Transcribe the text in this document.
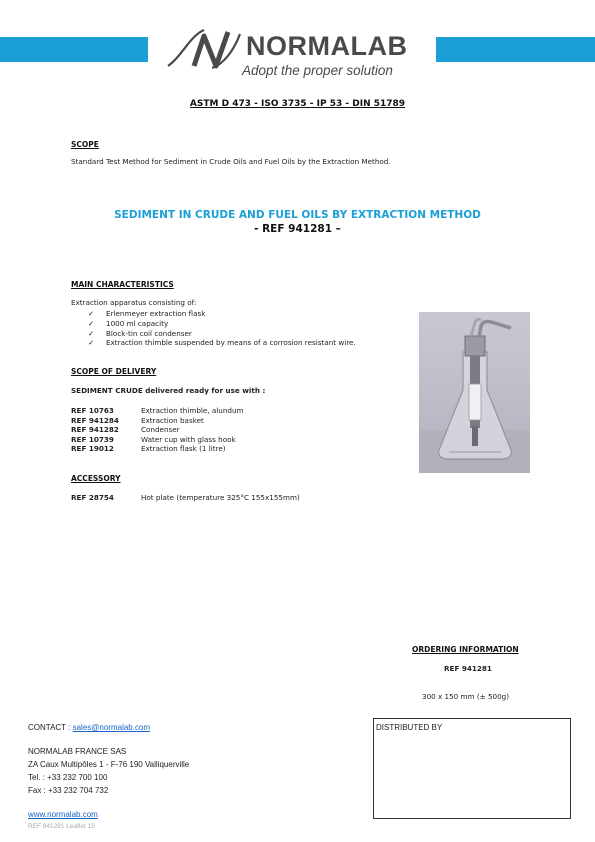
NORMALAB
Adopt the proper solution
ASTM D 473 - ISO 3735 - IP 53 - DIN 51789
SCOPE
Standard Test Method for Sediment in Crude Oils and Fuel Oils by the Extraction Method.
SEDIMENT IN CRUDE AND FUEL OILS BY EXTRACTION METHOD
- REF 941281 –
MAIN CHARACTERISTICS
Extraction apparatus consisting of:
✓ Erlenmeyer extraction flask
✓ 1000 ml capacity
✓ Block-tin coil condenser
✓ Extraction thimble suspended by means of a corrosion resistant wire.
SCOPE OF DELIVERY
SEDIMENT CRUDE delivered ready for use with :
REF 10763	Extraction thimble, alundum
REF 941284	Extraction basket
REF 941282	Condenser
REF 10739	Water cup with glass hook
REF 19012	Extraction flask (1 litre)
ACCESSORY
REF 28754	Hot plate (temperature 325°C 155x155mm)
ORDERING INFORMATION
REF 941281
300 x 150 mm (± 500g)
CONTACT : sales@normalab.com
NORMALAB FRANCE SAS
ZA Caux Multipôles 1 - F-76 190 Valliquerville
Tel. : +33 232 700 100
Fax : +33 232 704 732
www.normalab.com
REF 941281 Leaflet 15
DISTRIBUTED BY
